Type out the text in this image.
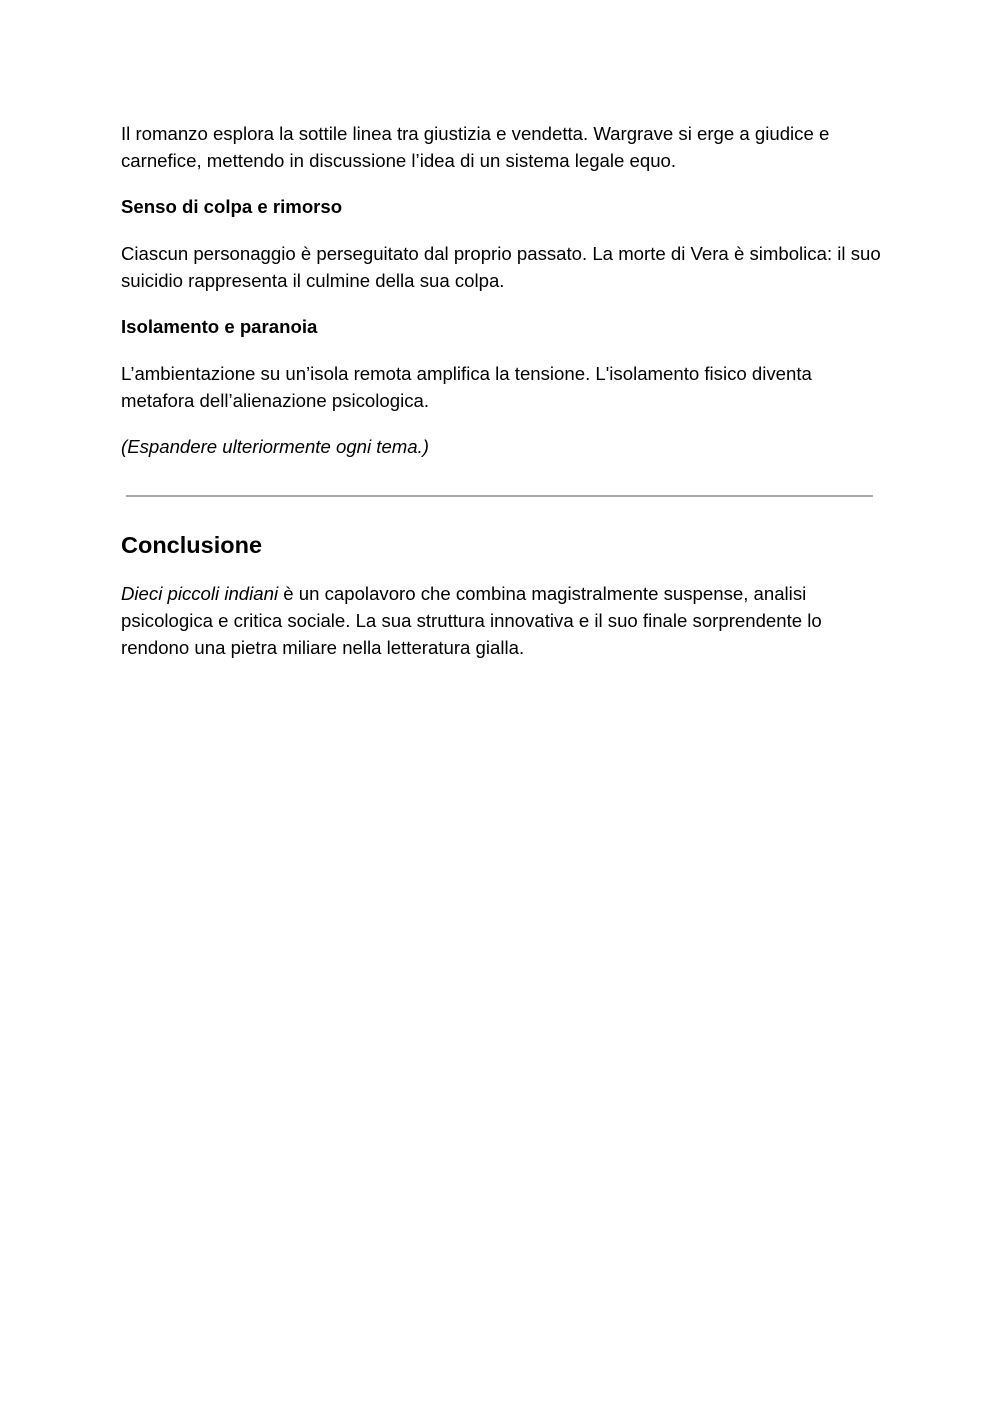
Il romanzo esplora la sottile linea tra giustizia e vendetta. Wargrave si erge a giudice e carnefice, mettendo in discussione l’idea di un sistema legale equo.

Senso di colpa e rimorso

Ciascun personaggio è perseguitato dal proprio passato. La morte di Vera è simbolica: il suo suicidio rappresenta il culmine della sua colpa.

Isolamento e paranoia

L’ambientazione su un’isola remota amplifica la tensione. L'isolamento fisico diventa metafora dell’alienazione psicologica.

(Espandere ulteriormente ogni tema.)

Conclusione

Dieci piccoli indiani è un capolavoro che combina magistralmente suspense, analisi psicologica e critica sociale. La sua struttura innovativa e il suo finale sorprendente lo rendono una pietra miliare nella letteratura gialla.
